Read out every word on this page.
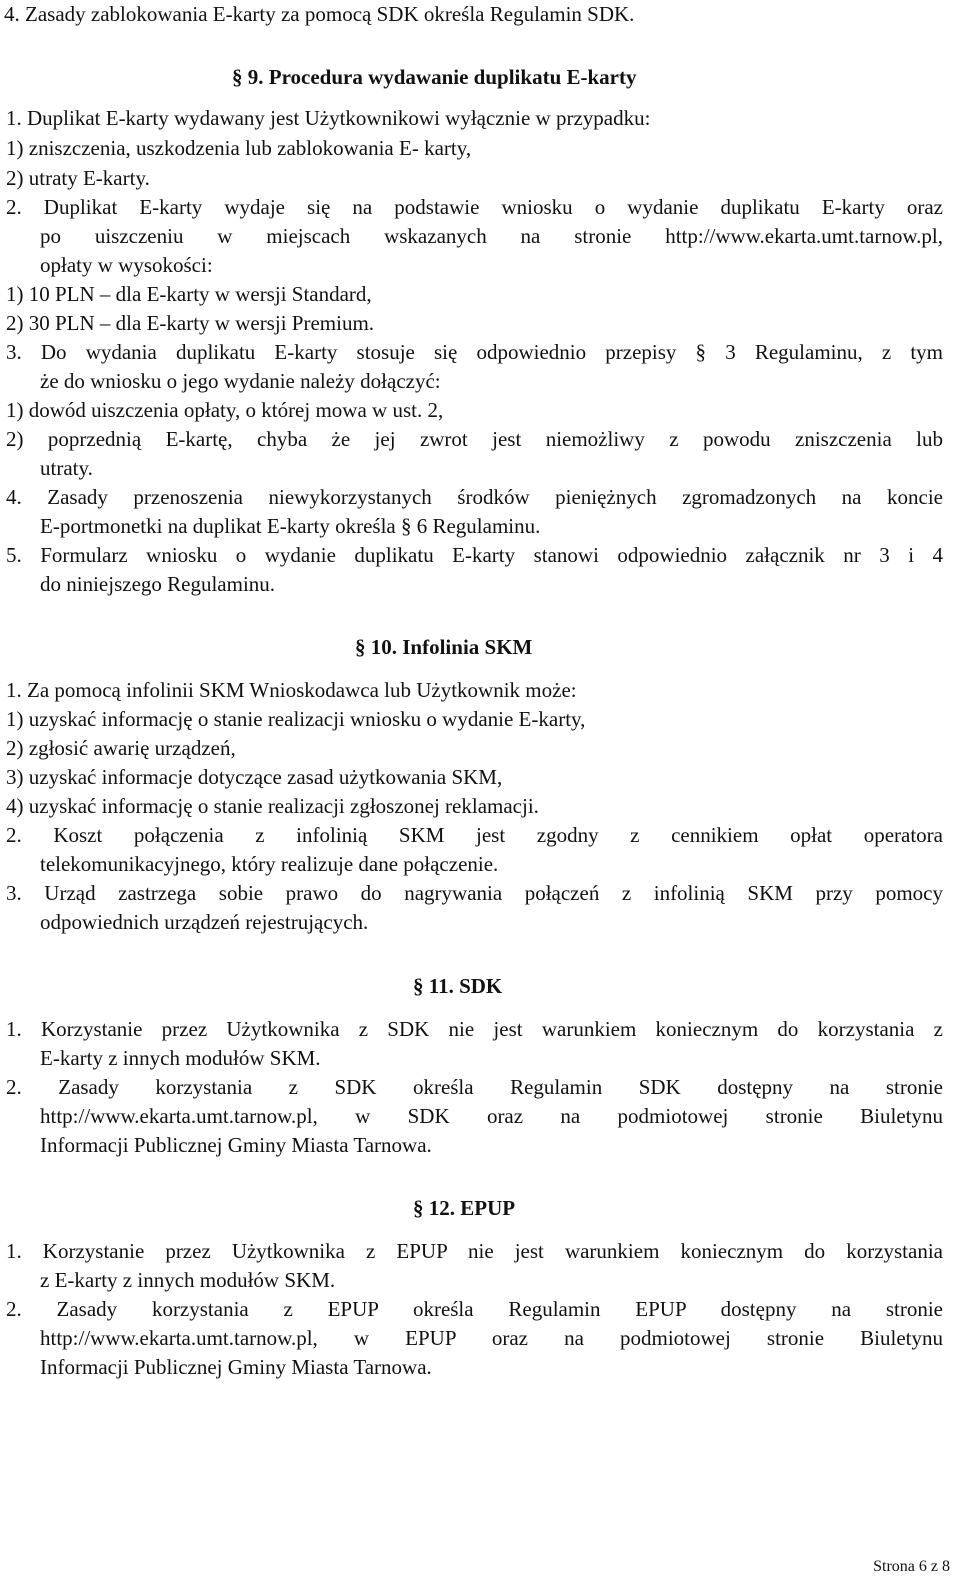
4. Zasady zablokowania E-karty za pomocą SDK określa Regulamin SDK.
§ 9. Procedura wydawanie duplikatu E-karty
1. Duplikat E-karty wydawany jest Użytkownikowi wyłącznie w przypadku:
1) zniszczenia, uszkodzenia lub zablokowania E- karty,
2) utraty E-karty.
2. Duplikat E-karty wydaje się na podstawie wniosku o wydanie duplikatu E-karty oraz
po uiszczeniu w miejscach wskazanych na stronie http://www.ekarta.umt.tarnow.pl,
opłaty w wysokości:
1) 10 PLN – dla E-karty w wersji Standard,
2) 30 PLN – dla E-karty w wersji Premium.
3. Do wydania duplikatu E-karty stosuje się odpowiednio przepisy § 3 Regulaminu, z tym
że do wniosku o jego wydanie należy dołączyć:
1) dowód uiszczenia opłaty, o której mowa w ust. 2,
2) poprzednią E-kartę, chyba że jej zwrot jest niemożliwy z powodu zniszczenia lub
utraty.
4. Zasady przenoszenia niewykorzystanych środków pieniężnych zgromadzonych na koncie
E-portmonetki na duplikat E-karty określa § 6 Regulaminu.
5. Formularz wniosku o wydanie duplikatu E-karty stanowi odpowiednio załącznik nr 3 i 4
do niniejszego Regulaminu.
§ 10. Infolinia SKM
1. Za pomocą infolinii SKM Wnioskodawca lub Użytkownik może:
1) uzyskać informację o stanie realizacji wniosku o wydanie E-karty,
2) zgłosić awarię urządzeń,
3) uzyskać informacje dotyczące zasad użytkowania SKM,
4) uzyskać informację o stanie realizacji zgłoszonej reklamacji.
2. Koszt połączenia z infolinią SKM jest zgodny z cennikiem opłat operatora
telekomunikacyjnego, który realizuje dane połączenie.
3. Urząd zastrzega sobie prawo do nagrywania połączeń z infolinią SKM przy pomocy
odpowiednich urządzeń rejestrujących.
§ 11. SDK
1. Korzystanie przez Użytkownika z SDK nie jest warunkiem koniecznym do korzystania z
E-karty z innych modułów SKM.
2. Zasady korzystania z SDK określa Regulamin SDK dostępny na stronie
http://www.ekarta.umt.tarnow.pl, w SDK oraz na podmiotowej stronie Biuletynu
Informacji Publicznej Gminy Miasta Tarnowa.
§ 12. EPUP
1. Korzystanie przez Użytkownika z EPUP nie jest warunkiem koniecznym do korzystania
z E-karty z innych modułów SKM.
2. Zasady korzystania z EPUP określa Regulamin EPUP dostępny na stronie
http://www.ekarta.umt.tarnow.pl, w EPUP oraz na podmiotowej stronie Biuletynu
Informacji Publicznej Gminy Miasta Tarnowa.
Strona 6 z 8
